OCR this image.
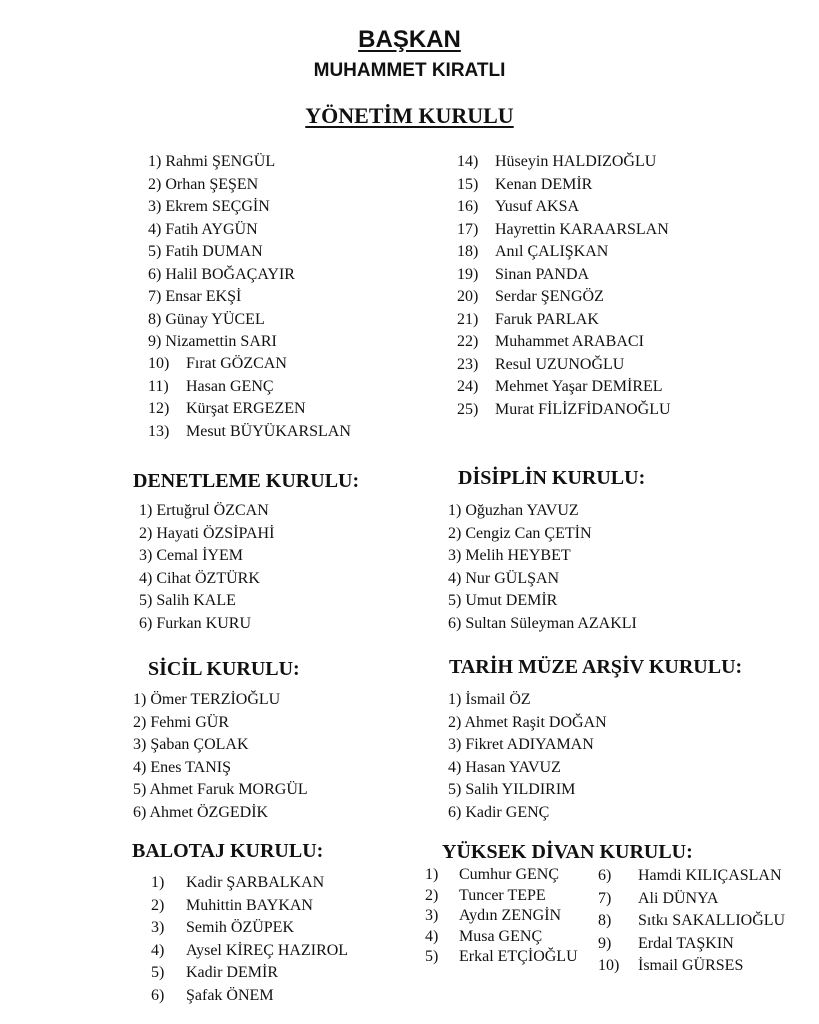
BAŞKAN
MUHAMMET KIRATLI
YÖNETİM KURULU
1) Rahmi ŞENGÜL
2) Orhan ŞEŞEN
3) Ekrem SEÇGİN
4) Fatih AYGÜN
5) Fatih DUMAN
6) Halil BOĞAÇAYIR
7) Ensar EKŞİ
8) Günay YÜCEL
9) Nizamettin SARI
10) Fırat GÖZCAN
11) Hasan GENÇ
12) Kürşat ERGEZEN
13) Mesut BÜYÜKARSLAN
14) Hüseyin HALDIZOĞLU
15) Kenan DEMİR
16) Yusuf AKSA
17) Hayrettin KARAARSLAN
18) Anıl ÇALIŞKAN
19) Sinan PANDA
20) Serdar ŞENGÖZ
21) Faruk PARLAK
22) Muhammet ARABACI
23) Resul UZUNOĞLU
24) Mehmet Yaşar DEMİREL
25) Murat FİLİZFİDANOĞLU
DENETLEME KURULU:
1) Ertuğrul ÖZCAN
2) Hayati ÖZSİPAHİ
3) Cemal İYEM
4) Cihat ÖZTÜRK
5) Salih KALE
6) Furkan KURU
DİSİPLİN KURULU:
1) Oğuzhan YAVUZ
2) Cengiz Can ÇETİN
3) Melih HEYBET
4) Nur GÜLŞAN
5) Umut DEMİR
6) Sultan Süleyman AZAKLI
SİCİL KURULU:
1) Ömer TERZİOĞLU
2) Fehmi GÜR
3) Şaban ÇOLAK
4) Enes TANIŞ
5) Ahmet Faruk MORGÜL
6) Ahmet ÖZGEDİK
TARİH MÜZE ARŞİV KURULU:
1) İsmail ÖZ
2) Ahmet Raşit DOĞAN
3) Fikret ADIYAMAN
4) Hasan YAVUZ
5) Salih YILDIRIM
6) Kadir GENÇ
BALOTAJ KURULU:
1) Kadir ŞARBALKAN
2) Muhittin BAYKAN
3) Semih ÖZÜPEK
4) Aysel KİREÇ HAZIROL
5) Kadir DEMİR
6) Şafak ÖNEM
YÜKSEK DİVAN KURULU:
1) Cumhur GENÇ
2) Tuncer TEPE
3) Aydın ZENGİN
4) Musa GENÇ
5) Erkal ETÇİOĞLU
6) Hamdi KILIÇASLAN
7) Ali DÜNYA
8) Sıtkı SAKALLIOĞLU
9) Erdal TAŞKIN
10) İsmail GÜRSES
